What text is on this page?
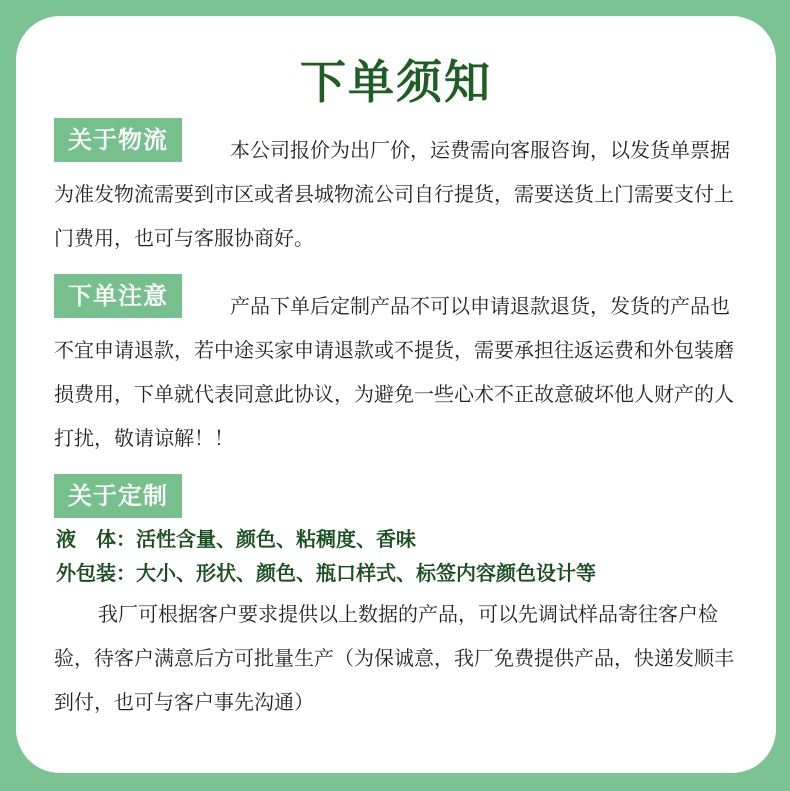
下单须知
关于物流	本公司报价为出厂价，运费需向客服咨询，以发货单票据为准发物流需要到市区或者县城物流公司自行提货，需要送货上门需要支付上门费用，也可与客服协商好。

下单注意	产品下单后定制产品不可以申请退款退货，发货的产品也不宜申请退款，若中途买家申请退款或不提货，需要承担往返运费和外包装磨损费用，下单就代表同意此协议，为避免一些心术不正故意破坏他人财产的人打扰，敬请谅解！！

关于定制

液　体：活性含量、颜色、粘稠度、香味

外包装：大小、形状、颜色、瓶口样式、标签内容颜色设计等

我厂可根据客户要求提供以上数据的产品，可以先调试样品寄往客户检验，待客户满意后方可批量生产（为保诚意，我厂免费提供产品，快递发顺丰到付，也可与客户事先沟通）
